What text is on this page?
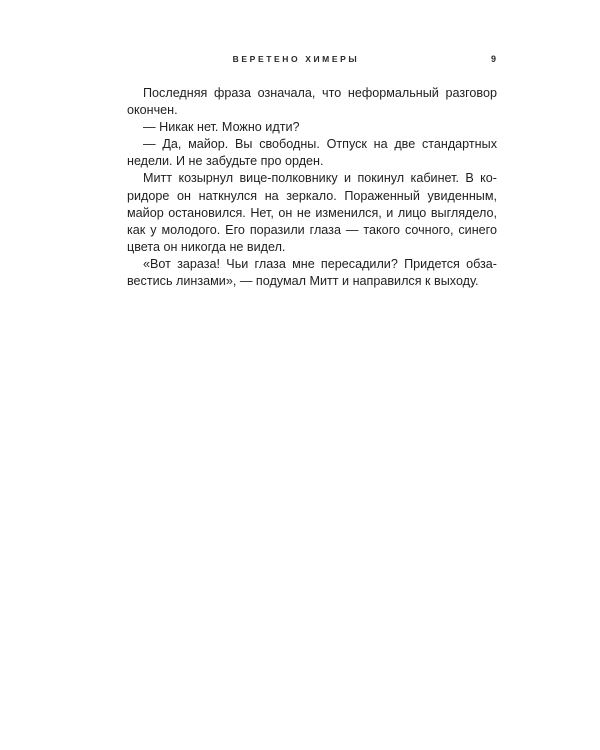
ВЕРЕТЕНО ХИМЕРЫ	9
Последняя фраза означала, что неформальный разговор
окончен.
— Никак нет. Можно идти?
— Да, майор. Вы свободны. Отпуск на две стандартных
недели. И не забудьте про орден.
Митт козырнул вице-полковнику и покинул кабинет. В ко-
ридоре он наткнулся на зеркало. Пораженный увиденным,
майор остановился. Нет, он не изменился, и лицо выглядело,
как у молодого. Его поразили глаза — такого сочного, синего
цвета он никогда не видел.
«Вот зараза! Чьи глаза мне пересадили? Придется обза-
вестись линзами», — подумал Митт и направился к выходу.
